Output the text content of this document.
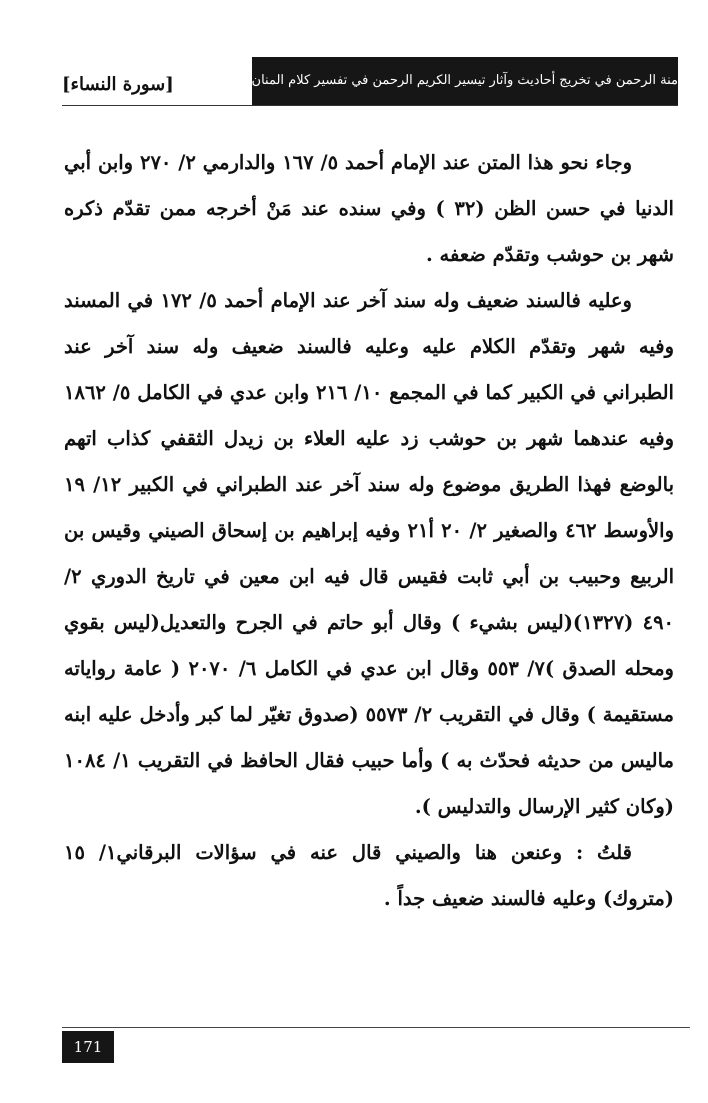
[سورة النساء]	منة الرحمن في تخريج أحاديث وآثار تيسير الكريم الرحمن في تفسير كلام المنان

وجاء نحو هذا المتن عند الإمام أحمد ٥/ ١٦٧ والدارمي ٢/ ٢٧٠ وابن أبي الدنيا في حسن الظن (٣٢ ) وفي سنده عند مَنْ أخرجه ممن تقدّم ذكره شهر بن حوشب وتقدّم ضعفه .

وعليه فالسند ضعيف وله سند آخر عند الإمام أحمد ٥/ ١٧٢ في المسند وفيه شهر وتقدّم الكلام عليه وعليه فالسند ضعيف وله سند آخر عند الطبراني في الكبير كما في المجمع ١٠/ ٢١٦ وابن عدي في الكامل ٥/ ١٨٦٢ وفيه عندهما شهر بن حوشب زد عليه العلاء بن زيدل الثقفي كذاب اتهم بالوضع فهذا الطريق موضوع وله سند آخر عند الطبراني في الكبير ١٢/ ١٩ والأوسط ٤٦٢ والصغير ٢/ ٢٠ أ٢١ وفيه إبراهيم بن إسحاق الصيني وقيس بن الربيع وحبيب بن أبي ثابت فقيس قال فيه ابن معين في تاريخ الدوري ٢/ ٤٩٠ (١٣٢٧)(ليس بشيء ) وقال أبو حاتم في الجرح والتعديل(ليس بقوي ومحله الصدق )٧/ ٥٥٣ وقال ابن عدي في الكامل ٦/ ٢٠٧٠ ( عامة رواياته مستقيمة ) وقال في التقريب ٢/ ٥٥٧٣ (صدوق تغيّر لما كبر وأدخل عليه ابنه ماليس من حديثه فحدّث به ) وأما حبيب فقال الحافظ في التقريب ١/ ١٠٨٤ (وكان كثير الإرسال والتدليس ).

قلتُ : وعنعن هنا والصيني قال عنه في سؤالات البرقاني١/ ١٥ (متروك) وعليه فالسند ضعيف جداً .

171
